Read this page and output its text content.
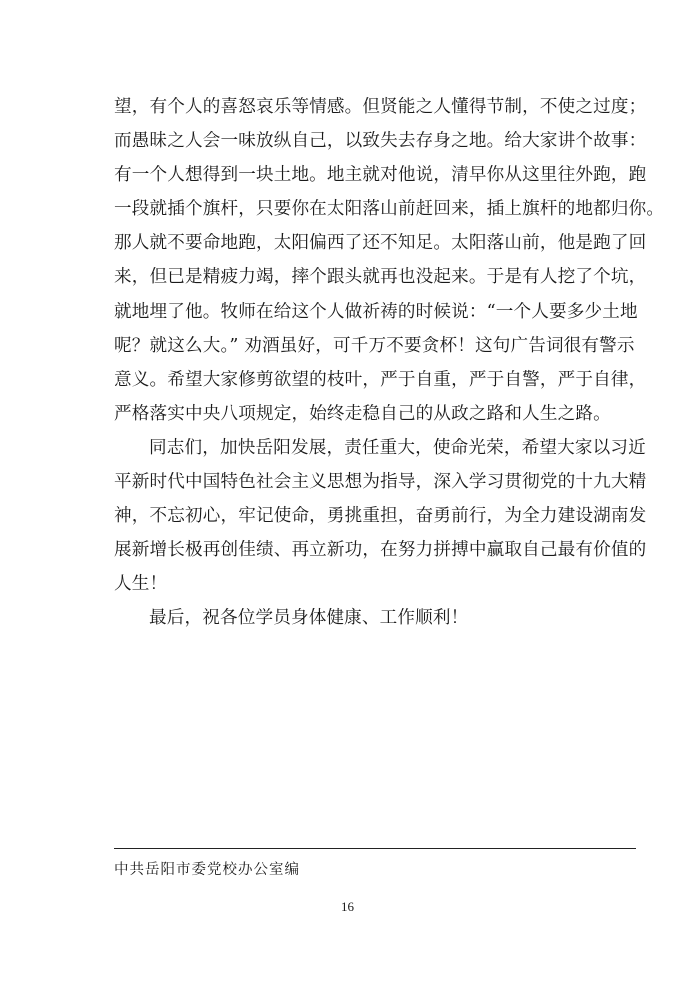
望，有个人的喜怒哀乐等情感。但贤能之人懂得节制，不使之过度；
而愚昧之人会一味放纵自己，以致失去存身之地。给大家讲个故事：
有一个人想得到一块土地。地主就对他说，清早你从这里往外跑，跑
一段就插个旗杆，只要你在太阳落山前赶回来，插上旗杆的地都归你。
那人就不要命地跑，太阳偏西了还不知足。太阳落山前，他是跑了回
来，但已是精疲力竭，摔个跟头就再也没起来。于是有人挖了个坑，
就地埋了他。牧师在给这个人做祈祷的时候说：“一个人要多少土地
呢？就这么大。” 劝酒虽好，可千万不要贪杯！这句广告词很有警示
意义。希望大家修剪欲望的枝叶，严于自重，严于自警，严于自律，
严格落实中央八项规定，始终走稳自己的从政之路和人生之路。
同志们，加快岳阳发展，责任重大，使命光荣，希望大家以习近
平新时代中国特色社会主义思想为指导，深入学习贯彻党的十九大精
神，不忘初心，牢记使命，勇挑重担，奋勇前行，为全力建设湖南发
展新增长极再创佳绩、再立新功，在努力拼搏中赢取自己最有价值的
人生！
最后，祝各位学员身体健康、工作顺利！
中共岳阳市委党校办公室编
16
